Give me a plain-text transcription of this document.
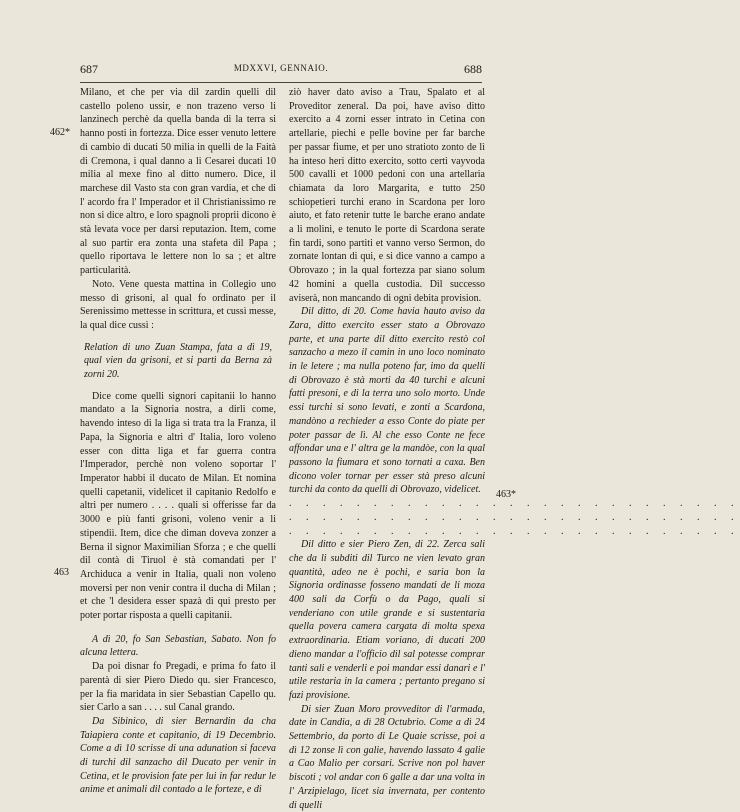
687	MDXXVI, GENNAIO.	688
462*
463
463*

Milano, et che per via dil zardin quelli dil castello poleno ussir, e non trazeno verso li lanzinech perchè da quella banda di la terra si hanno posti in fortezza. Dice esser venuto lettere di cambio di ducati 50 milia in quelli de la Faità di Cremona, i qual danno a li Cesarei ducati 10 milia al mexe fino al ditto numero. Dice, il marchese dil Vasto sta con gran vardia, et che di l' acordo fra l' Imperador et il Christianissimo re non si dice altro, e loro spagnoli proprii dicono è stà levata voce per darsi reputazion. Item, come al suo partir era zonta una stafeta dil Papa ; quello riportava le lettere non lo sa ; et altre particularità.

Noto. Vene questa mattina in Collegio uno messo di grisoni, al qual fo ordinato per il Serenissimo mettesse in scrittura, et cussì messe, la qual dice cussì :

Relation di uno Zuan Stampa, fata a dì 19, qual vien da grisoni, et si partì da Berna zà zorni 20.

Dice come quelli signori capitanii lo hanno mandato a la Signoria nostra, a dirli come, havendo inteso di la liga si trata tra la Franza, il Papa, la Signoria e altri d' Italia, loro voleno esser con ditta liga et far guerra contra l'Imperador, perchè non voleno soportar l' Imperator habbi il ducato de Milan. Et nomina quelli capetanii, videlicet il capitanio Redolfo e altri per numero . . . . quali si offerisse far da 3000 e più fanti grisoni, voleno venir a li stipendii. Item, dice che diman doveva zonzer a Berna il signor Maximilian Sforza ; e che quelli dil contà di Tiruol è stà comandati per l' Archiduca a venir in Italia, quali non voleno moversi per non venir contra il ducha di Milan ; et che 'l desidera esser spazà di qui presto per poter portar risposta a quelli capitanii.

A dì 20, fo San Sebastian, Sabato. Non fo alcuna lettera.

Da poi disnar fo Pregadi, e prima fo fato il parentà di sier Piero Diedo qu. sier Francesco, per la fia maridata in sier Sebastian Capello qu. sier Carlo a san . . . . sul Canal grando.

Da Sibinico, di sier Bernardin da cha Taiapiera conte et capitanio, di 19 Decembrio. Come a dì 10 scrisse di una adunation si faceva di turchi dil sanzacho dil Ducato per venir in Cetina, et le provision fate per lui in far redur le anime et animali dil contado a le forteze, e di

ziò haver dato aviso a Trau, Spalato et al Proveditor zeneral. Da poi, have aviso ditto exercito a 4 zorni esser intrato in Cetina con artellarie, piechi e pelle bovine per far barche per passar fiume, et per uno stratioto zonto de lì ha inteso heri ditto exercito, sotto certi vayvoda 500 cavalli et 1000 pedoni con una artellaria chiamata da loro Margarita, e tutto 250 schiopetieri turchi erano in Scardona per loro aiuto, et fato retenir tutte le barche erano andate a li molini, e tenuto le porte di Scardona serate fin tardi, sono partiti et vanno verso Sermon, do zornate lontan di qui, e si dice vanno a campo a Obrovazo ; in la qual fortezza par siano solum 42 homini a quella custodia. Dil successo aviserà, non mancando di ogni debita provision.

Dil ditto, di 20. Come havia hauto aviso da Zara, ditto exercito esser stato a Obrovazo parte, et una parte dil ditto exercito restò col sanzacho a mezo il camin in uno loco nominato in le letere ; ma nulla poteno far, imo da quelli di Obrovazo è stà morti da 40 turchi e alcuni fatti presoni, e di la terra uno solo morto. Unde essi turchi si sono levati, e zonti a Scardona, mandòno a rechieder a esso Conte do piate per poter passar de lì. Al che esso Conte ne fece affondar una e l' altra ge la mandòe, con la qual passono la fiumara et sono tornati a caxa. Ben dicono voler tornar per esser stà preso alcuni turchi da conto da quelli di Obrovazo, videlicet.

. . . . . . . . . . . . . . . . . . . . . . . . . . .

. . . . . . . . . . . . . . . . . . . . . . . . . . .

. . . . . . . . . . . . . . . . . . . . . . . . . . .

Dil ditto e sier Piero Zen, di 22. Zerca sali che da li subditi dil Turco ne vien levato gran quantità, adeo ne è pochi, e saria bon la Signoria ordinasse fosseno mandati de li moza 400 sali da Corfù o da Pago, quali si venderiano con utile grande e si sustentaria quella povera camera cargata di molta spexa extraordinaria. Etiam voriano, di ducati 200 dieno mandar a l'officio dil sal potesse comprar tanti sali e venderli e poi mandar essi danari e l' utile restaria in la camera ; pertanto pregano si fazi provisione.

Di sier Zuan Moro provveditor di l'armada, date in Candia, a dì 28 Octubrio. Come a dì 24 Settembrio, da porto di Le Quaie scrisse, poi a dì 12 zonse lì con galie, havendo lassato 4 galie a Cao Malio per corsari. Scrive non pol haver biscoti ; vol andar con 6 galle a dar una volta in l' Arzipielago, licet sia invernata, per contento di quelli
